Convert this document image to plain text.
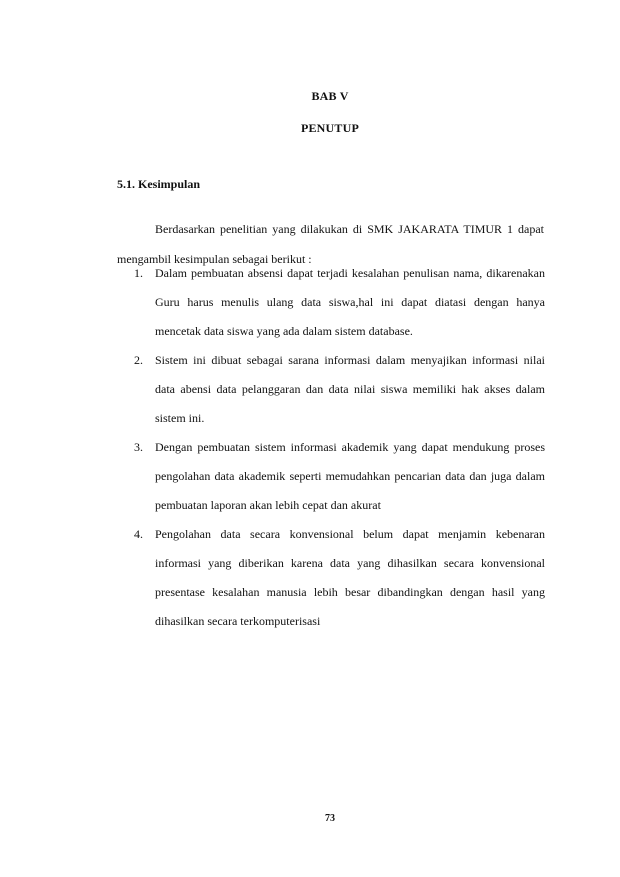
BAB V
PENUTUP
5.1. Kesimpulan

Berdasarkan penelitian yang dilakukan di SMK JAKARATA TIMUR 1 dapat mengambil kesimpulan sebagai berikut :

1. Dalam pembuatan absensi dapat terjadi kesalahan penulisan nama, dikarenakan Guru harus menulis ulang data siswa,hal ini dapat diatasi dengan hanya mencetak data siswa yang ada dalam sistem database.
2. Sistem ini dibuat sebagai sarana informasi dalam menyajikan informasi nilai data abensi data pelanggaran dan data nilai siswa memiliki hak akses dalam sistem ini.
3. Dengan pembuatan sistem informasi akademik yang dapat mendukung proses pengolahan data akademik seperti memudahkan pencarian data dan juga dalam pembuatan laporan akan lebih cepat dan akurat
4. Pengolahan data secara konvensional belum dapat menjamin kebenaran informasi yang diberikan karena data yang dihasilkan secara konvensional presentase kesalahan manusia lebih besar dibandingkan dengan hasil yang dihasilkan secara terkomputerisasi
73
